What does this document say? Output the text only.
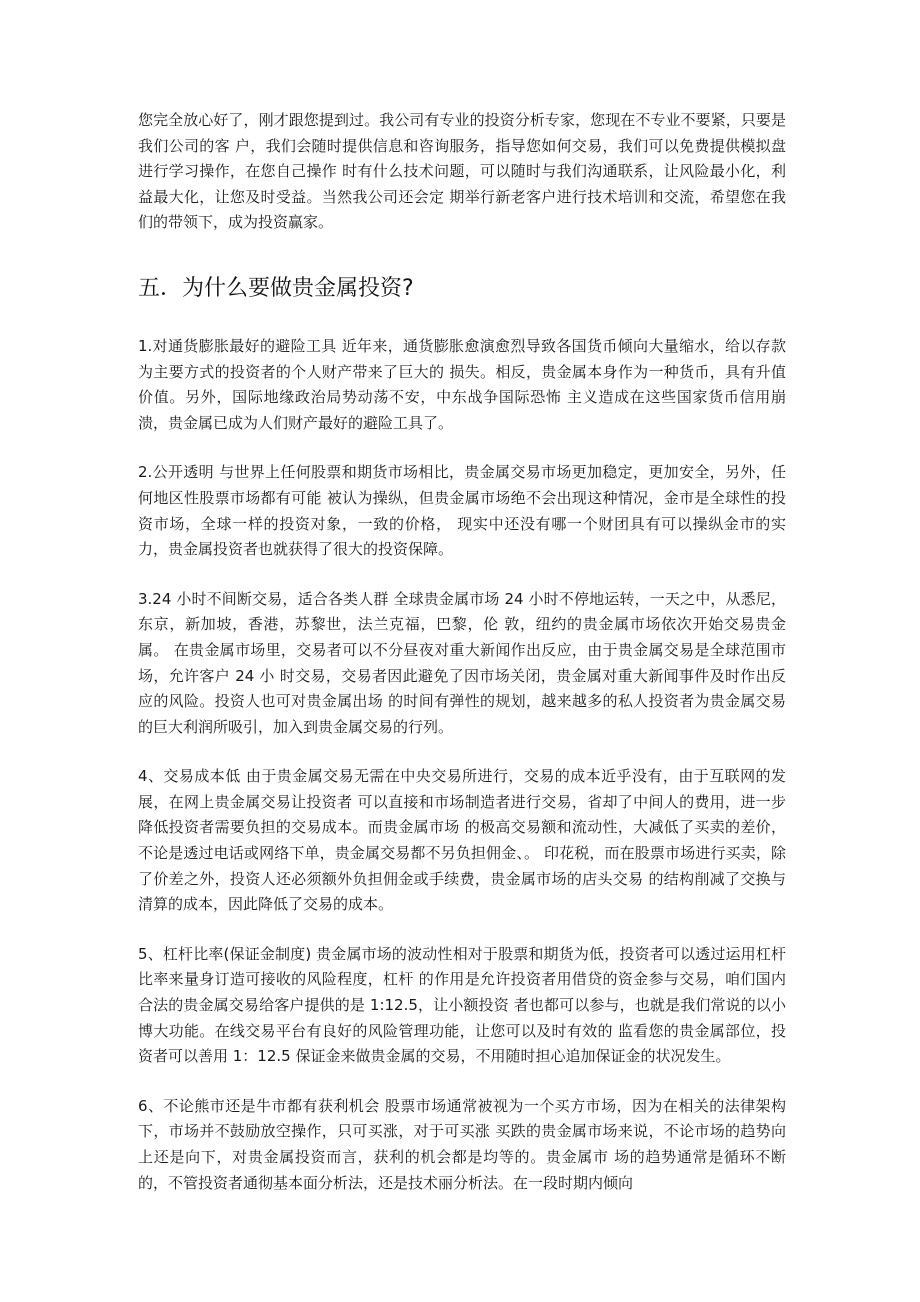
您完全放心好了，刚才跟您提到过。我公司有专业的投资分析专家，您现在不专业不要紧，只要是我们公司的客 户，我们会随时提供信息和咨询服务，指导您如何交易，我们可以免费提供模拟盘进行学习操作，在您自己操作 时有什么技术问题，可以随时与我们沟通联系，让风险最小化，利益最大化，让您及时受益。当然我公司还会定 期举行新老客户进行技术培训和交流，希望您在我们的带领下，成为投资赢家。

五．为什么要做贵金属投资?

1.对通货膨胀最好的避险工具 近年来，通货膨胀愈演愈烈导致各国货币倾向大量缩水，给以存款为主要方式的投资者的个人财产带来了巨大的 损失。相反，贵金属本身作为一种货币，具有升值价值。另外，国际地缘政治局势动荡不安，中东战争国际恐怖 主义造成在这些国家货币信用崩溃，贵金属已成为人们财产最好的避险工具了。

2.公开透明 与世界上任何股票和期货市场相比，贵金属交易市场更加稳定，更加安全，另外，任何地区性股票市场都有可能 被认为操纵，但贵金属市场绝不会出现这种情况，金市是全球性的投资市场，全球一样的投资对象，一致的价格， 现实中还没有哪一个财团具有可以操纵金市的实力，贵金属投资者也就获得了很大的投资保障。

3.24 小时不间断交易，适合各类人群 全球贵金属市场 24 小时不停地运转，一天之中，从悉尼，东京，新加坡，香港，苏黎世，法兰克福，巴黎，伦 敦，纽约的贵金属市场依次开始交易贵金属。 在贵金属市场里，交易者可以不分昼夜对重大新闻作出反应，由于贵金属交易是全球范围市场，允许客户 24 小 时交易，交易者因此避免了因市场关闭，贵金属对重大新闻事件及时作出反应的风险。投资人也可对贵金属出场 的时间有弹性的规划，越来越多的私人投资者为贵金属交易的巨大利润所吸引，加入到贵金属交易的行列。

4、交易成本低 由于贵金属交易无需在中央交易所进行，交易的成本近乎没有，由于互联网的发展，在网上贵金属交易让投资者 可以直接和市场制造者进行交易，省却了中间人的费用，进一步降低投资者需要负担的交易成本。而贵金属市场 的极高交易额和流动性，大减低了买卖的差价，不论是透过电话或网络下单，贵金属交易都不另负担佣金、。 印花税，而在股票市场进行买卖，除了价差之外，投资人还必须额外负担佣金或手续费，贵金属市场的店头交易 的结构削减了交换与清算的成本，因此降低了交易的成本。

5、杠杆比率(保证金制度) 贵金属市场的波动性相对于股票和期货为低，投资者可以透过运用杠杆比率来量身订造可接收的风险程度，杠杆 的作用是允许投资者用借贷的资金参与交易，咱们国内合法的贵金属交易给客户提供的是 1:12.5，让小额投资 者也都可以参与，也就是我们常说的以小博大功能。在线交易平台有良好的风险管理功能，让您可以及时有效的 监看您的贵金属部位，投资者可以善用 1：12.5 保证金来做贵金属的交易，不用随时担心追加保证金的状况发生。

6、不论熊市还是牛市都有获利机会 股票市场通常被视为一个买方市场，因为在相关的法律架构下，市场并不鼓励放空操作，只可买涨，对于可买涨 买跌的贵金属市场来说，不论市场的趋势向上还是向下，对贵金属投资而言，获利的机会都是均等的。贵金属市 场的趋势通常是循环不断的，不管投资者通彻基本面分析法，还是技术丽分析法。在一段时期内倾向
